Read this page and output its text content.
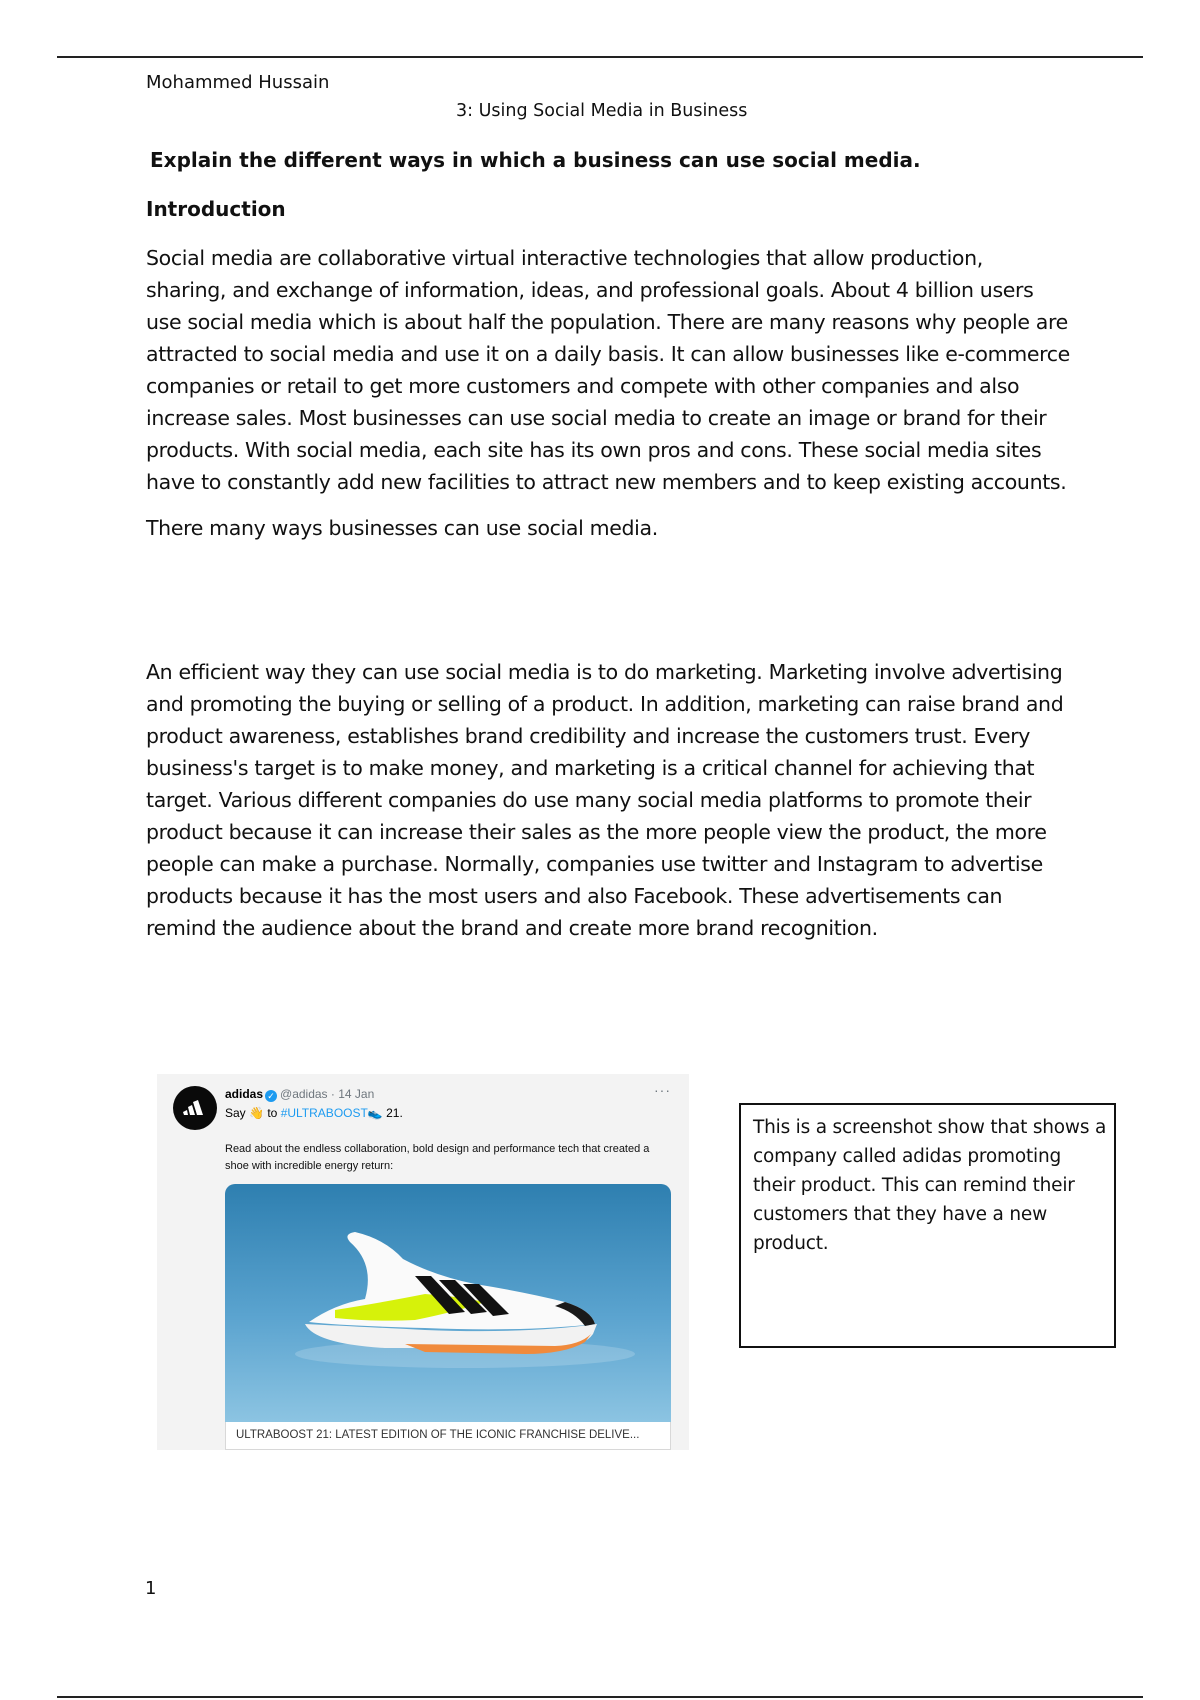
Mohammed Hussain
3: Using Social Media in Business
Explain the different ways in which a business can use social media.
Introduction

Social media are collaborative virtual interactive technologies that allow production,
sharing, and exchange of information, ideas, and professional goals. About 4 billion users
use social media which is about half the population. There are many reasons why people are
attracted to social media and use it on a daily basis. It can allow businesses like e-commerce
companies or retail to get more customers and compete with other companies and also
increase sales. Most businesses can use social media to create an image or brand for their
products. With social media, each site has its own pros and cons. These social media sites
have to constantly add new facilities to attract new members and to keep existing accounts.

There many ways businesses can use social media.

An efficient way they can use social media is to do marketing. Marketing involve advertising
and promoting the buying or selling of a product. In addition, marketing can raise brand and
product awareness, establishes brand credibility and increase the customers trust. Every
business's target is to make money, and marketing is a critical channel for achieving that
target. Various different companies do use many social media platforms to promote their
product because it can increase their sales as the more people view the product, the more
people can make a purchase. Normally, companies use twitter and Instagram to advertise
products because it has the most users and also Facebook. These advertisements can
remind the audience about the brand and create more brand recognition.

adidas ✓ @adidas · 14 Jan	···
Say 👋 to #ULTRABOOST👟 21.
Read about the endless collaboration, bold design and performance tech that created a shoe with incredible energy return:
ULTRABOOST 21: LATEST EDITION OF THE ICONIC FRANCHISE DELIVE...
This is a screenshot show that shows a
company called adidas promoting
their product. This can remind their
customers that they have a new
product.
1
